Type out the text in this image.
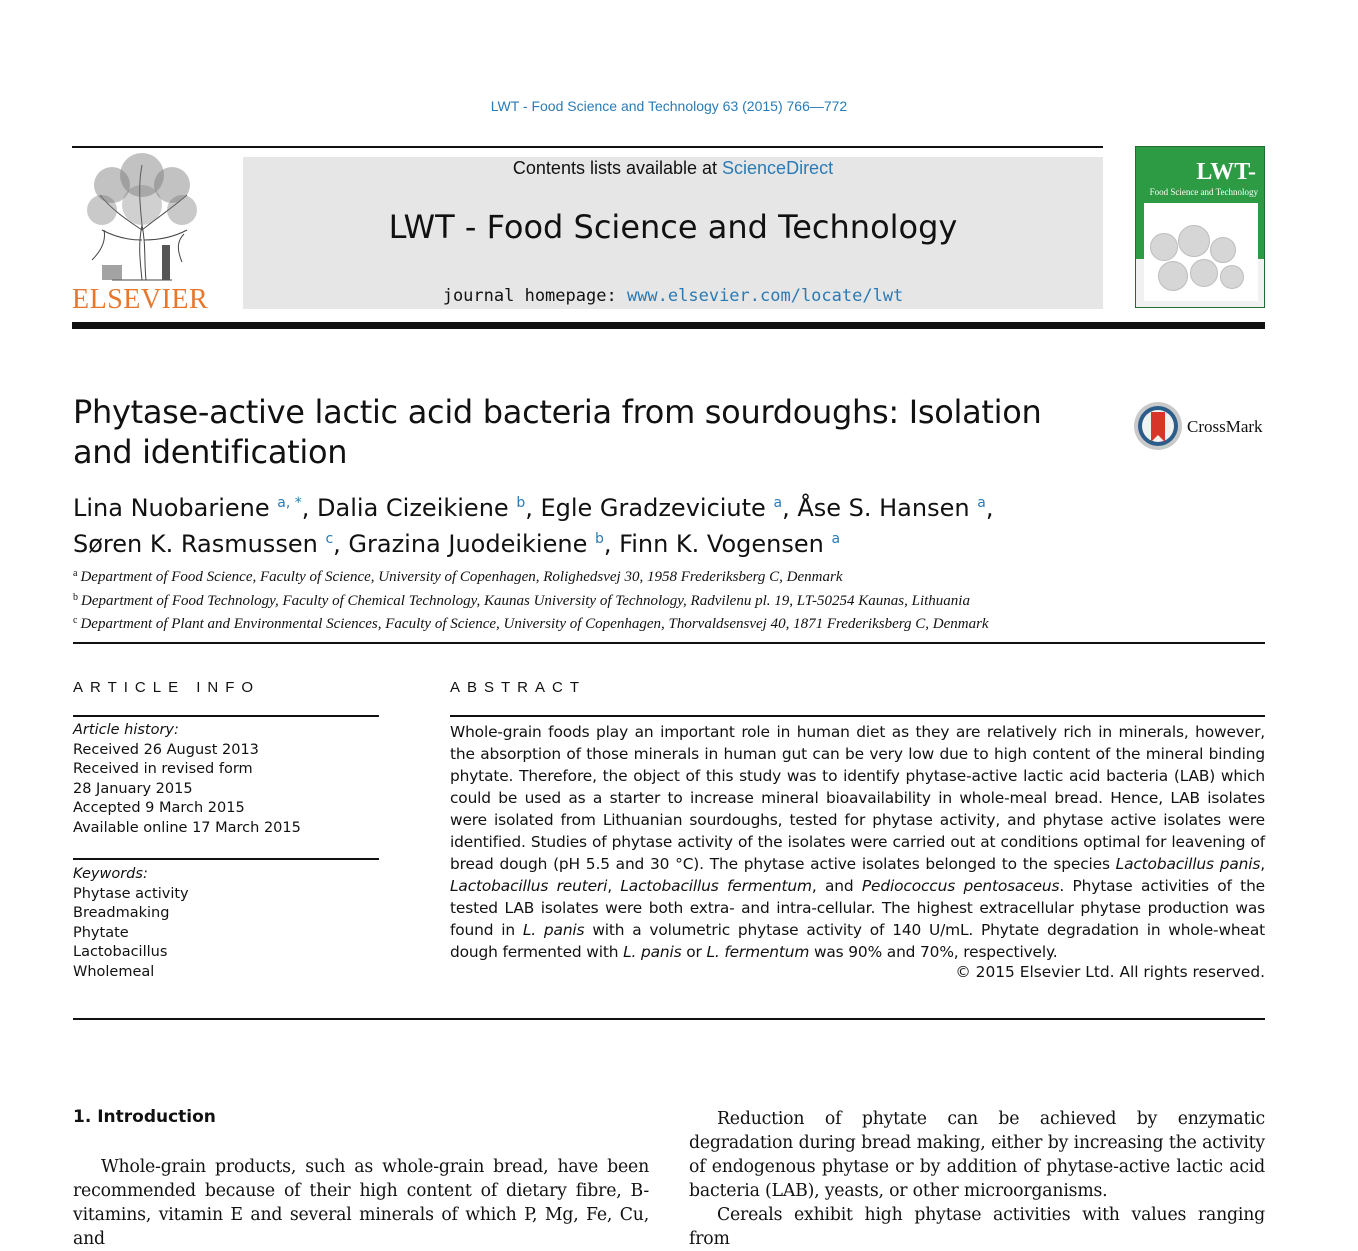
LWT - Food Science and Technology 63 (2015) 766—772
ELSEVIER
Contents lists available at ScienceDirect
LWT - Food Science and Technology
journal homepage: www.elsevier.com/locate/lwt
LWT-
Food Science and Technology
Phytase-active lactic acid bacteria from sourdoughs: Isolation and identification
CrossMark
Lina Nuobariene $^{a, *}$, Dalia Cizeikiene $^b$, Egle Gradzeviciute $^a$, Åse S. Hansen $^a$,
Søren K. Rasmussen $^c$, Grazina Juodeikiene $^b$, Finn K. Vogensen $^a$
$^a$ Department of Food Science, Faculty of Science, University of Copenhagen, Rolighedsvej 30, 1958 Frederiksberg C, Denmark
$^b$ Department of Food Technology, Faculty of Chemical Technology, Kaunas University of Technology, Radvilenu pl. 19, LT-50254 Kaunas, Lithuania
$^c$ Department of Plant and Environmental Sciences, Faculty of Science, University of Copenhagen, Thorvaldsensvej 40, 1871 Frederiksberg C, Denmark
ARTICLE INFO
Article history:
Received 26 August 2013
Received in revised form
28 January 2015
Accepted 9 March 2015
Available online 17 March 2015
Keywords:
Phytase activity
Breadmaking
Phytate
Lactobacillus
Wholemeal
ABSTRACT
Whole-grain foods play an important role in human diet as they are relatively rich in minerals, however, the absorption of those minerals in human gut can be very low due to high content of the mineral binding phytate. Therefore, the object of this study was to identify phytase-active lactic acid bacteria (LAB) which could be used as a starter to increase mineral bioavailability in whole-meal bread. Hence, LAB isolates were isolated from Lithuanian sourdoughs, tested for phytase activity, and phytase active isolates were identified. Studies of phytase activity of the isolates were carried out at conditions optimal for leavening of bread dough (pH 5.5 and 30 °C). The phytase active isolates belonged to the species Lactobacillus panis, Lactobacillus reuteri, Lactobacillus fermentum, and Pediococcus pentosaceus. Phytase activities of the tested LAB isolates were both extra- and intra-cellular. The highest extracellular phytase production was found in L. panis with a volumetric phytase activity of 140 U/mL. Phytate degradation in whole-wheat dough fermented with L. panis or L. fermentum was 90% and 70%, respectively.
© 2015 Elsevier Ltd. All rights reserved.
1. Introduction

Whole-grain products, such as whole-grain bread, have been recommended because of their high content of dietary fibre, B-vitamins, vitamin E and several minerals of which P, Mg, Fe, Cu, and

Reduction of phytate can be achieved by enzymatic degradation during bread making, either by increasing the activity of endogenous phytase or by addition of phytase-active lactic acid bacteria (LAB), yeasts, or other microorganisms.

Cereals exhibit high phytase activities with values ranging from
